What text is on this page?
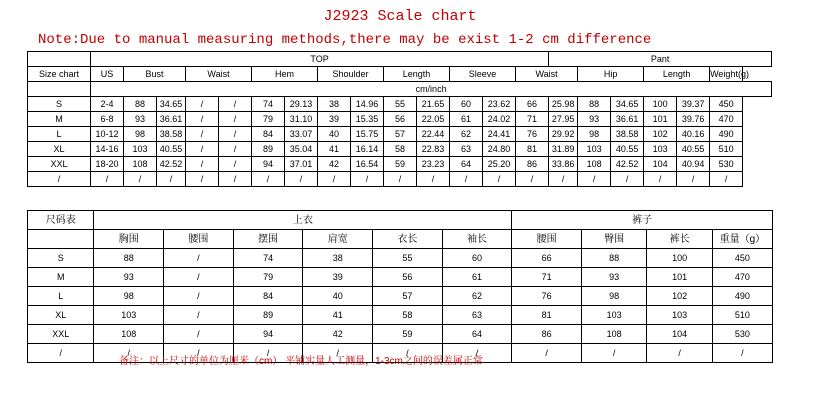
J2923 Scale chart
Note:Due to manual measuring methods,there may be exist 1-2 cm difference
	TOP														Pant					
Size chart	US	Bust		Waist		Hem		Shoulder		Length		Sleeve		Waist		Hip		Length		Weight(g)
	cm/inch																			
S	2-4	88	34.65	/	/	74	29.13	38	14.96	55	21.65	60	23.62	66	25.98	88	34.65	100	39.37	450
M	6-8	93	36.61	/	/	79	31.10	39	15.35	56	22.05	61	24.02	71	27.95	93	36.61	101	39.76	470
L	10-12	98	38.58	/	/	84	33.07	40	15.75	57	22.44	62	24.41	76	29.92	98	38.58	102	40.16	490
XL	14-16	103	40.55	/	/	89	35.04	41	16.14	58	22.83	63	24.80	81	31.89	103	40.55	103	40.55	510
XXL	18-20	108	42.52	/	/	94	37.01	42	16.54	59	23.23	64	25.20	86	33.86	108	42.52	104	40.94	530
/	/	/	/	/	/	/	/	/	/	/	/	/	/	/	/	/	/	/	/	/
尺码表	上衣						裤子			
	胸围	腰围	摆围	肩宽	衣长	袖长	腰围	臀围	裤长	重量（g）
S	88	/	74	38	55	60	66	88	100	450
M	93	/	79	39	56	61	71	93	101	470
L	98	/	84	40	57	62	76	98	102	490
XL	103	/	89	41	58	63	81	103	103	510
XXL	108	/	94	42	59	64	86	108	104	530
/	/	/	/	/	/	/	/	/	/	/
备注：以上尺寸的单位为厘米（cm） 平铺实量人工测量，1-3cm之间的误差属正常
